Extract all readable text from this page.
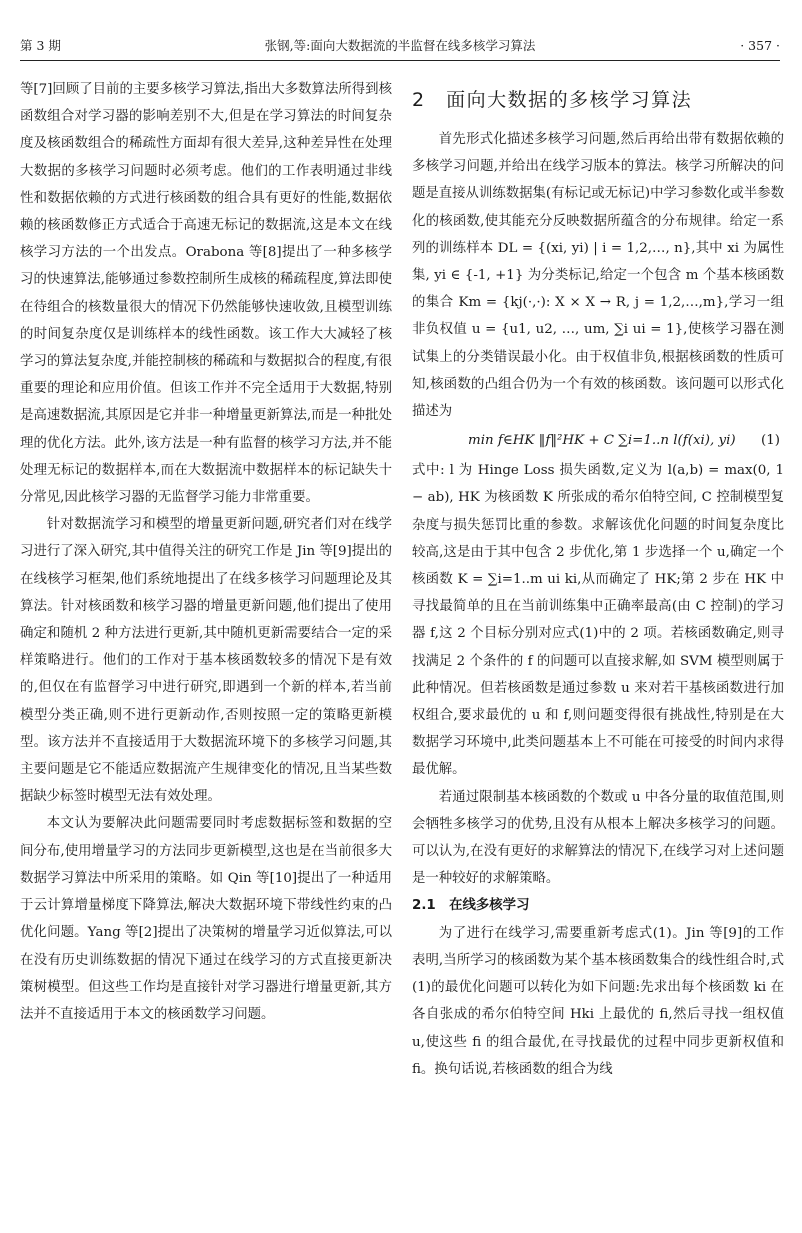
第 3 期	张钢,等:面向大数据流的半监督在线多核学习算法	· 357 ·

等[7]回顾了目前的主要多核学习算法,指出大多数算法所得到核函数组合对学习器的影响差别不大,但是在学习算法的时间复杂度及核函数组合的稀疏性方面却有很大差异,这种差异性在处理大数据的多核学习问题时必须考虑。他们的工作表明通过非线性和数据依赖的方式进行核函数的组合具有更好的性能,数据依赖的核函数修正方式适合于高速无标记的数据流,这是本文在线核学习方法的一个出发点。Orabona 等[8]提出了一种多核学习的快速算法,能够通过参数控制所生成核的稀疏程度,算法即使在待组合的核数量很大的情况下仍然能够快速收敛,且模型训练的时间复杂度仅是训练样本的线性函数。该工作大大减轻了核学习的算法复杂度,并能控制核的稀疏和与数据拟合的程度,有很重要的理论和应用价值。但该工作并不完全适用于大数据,特别是高速数据流,其原因是它并非一种增量更新算法,而是一种批处理的优化方法。此外,该方法是一种有监督的核学习方法,并不能处理无标记的数据样本,而在大数据流中数据样本的标记缺失十分常见,因此核学习器的无监督学习能力非常重要。

针对数据流学习和模型的增量更新问题,研究者们对在线学习进行了深入研究,其中值得关注的研究工作是 Jin 等[9]提出的在线核学习框架,他们系统地提出了在线多核学习问题理论及其算法。针对核函数和核学习器的增量更新问题,他们提出了使用确定和随机 2 种方法进行更新,其中随机更新需要结合一定的采样策略进行。他们的工作对于基本核函数较多的情况下是有效的,但仅在有监督学习中进行研究,即遇到一个新的样本,若当前模型分类正确,则不进行更新动作,否则按照一定的策略更新模型。该方法并不直接适用于大数据流环境下的多核学习问题,其主要问题是它不能适应数据流产生规律变化的情况,且当某些数据缺少标签时模型无法有效处理。

本文认为要解决此问题需要同时考虑数据标签和数据的空间分布,使用增量学习的方法同步更新模型,这也是在当前很多大数据学习算法中所采用的策略。如 Qin 等[10]提出了一种适用于云计算增量梯度下降算法,解决大数据环境下带线性约束的凸优化问题。Yang 等[2]提出了决策树的增量学习近似算法,可以在没有历史训练数据的情况下通过在线学习的方式直接更新决策树模型。但这些工作均是直接针对学习器进行增量更新,其方法并不直接适用于本文的核函数学习问题。

2　面向大数据的多核学习算法

首先形式化描述多核学习问题,然后再给出带有数据依赖的多核学习问题,并给出在线学习版本的算法。核学习所解决的问题是直接从训练数据集(有标记或无标记)中学习参数化或半参数化的核函数,使其能充分反映数据所蕴含的分布规律。给定一系列的训练样本 DL = {(xi, yi) | i = 1,2,…, n},其中 xi 为属性集, yi ∈ {-1, +1} 为分类标记,给定一个包含 m 个基本核函数的集合 Km = {kj(·,·): X × X → R, j = 1,2,…,m},学习一组非负权值 u = {u1, u2, …, um, ∑i ui = 1},使核学习器在测试集上的分类错误最小化。由于权值非负,根据核函数的性质可知,核函数的凸组合仍为一个有效的核函数。该问题可以形式化描述为

min f∈HK ‖f‖²HK + C ∑i=1..n l(f(xi), yi) (1)

式中: l 为 Hinge Loss 损失函数,定义为 l(a,b) = max(0, 1 − ab), HK 为核函数 K 所张成的希尔伯特空间, C 控制模型复杂度与损失惩罚比重的参数。求解该优化问题的时间复杂度比较高,这是由于其中包含 2 步优化,第 1 步选择一个 u,确定一个核函数 K = ∑i=1..m ui ki,从而确定了 HK;第 2 步在 HK 中寻找最简单的且在当前训练集中正确率最高(由 C 控制)的学习器 f,这 2 个目标分别对应式(1)中的 2 项。若核函数确定,则寻找满足 2 个条件的 f 的问题可以直接求解,如 SVM 模型则属于此种情况。但若核函数是通过参数 u 来对若干基核函数进行加权组合,要求最优的 u 和 f,则问题变得很有挑战性,特别是在大数据学习环境中,此类问题基本上不可能在可接受的时间内求得最优解。

若通过限制基本核函数的个数或 u 中各分量的取值范围,则会牺牲多核学习的优势,且没有从根本上解决多核学习的问题。可以认为,在没有更好的求解算法的情况下,在线学习对上述问题是一种较好的求解策略。

2.1　在线多核学习

为了进行在线学习,需要重新考虑式(1)。Jin 等[9]的工作表明,当所学习的核函数为某个基本核函数集合的线性组合时,式(1)的最优化问题可以转化为如下问题:先求出每个核函数 ki 在各自张成的希尔伯特空间 Hki 上最优的 fi,然后寻找一组权值 u,使这些 fi 的组合最优,在寻找最优的过程中同步更新权值和 fi。换句话说,若核函数的组合为线
